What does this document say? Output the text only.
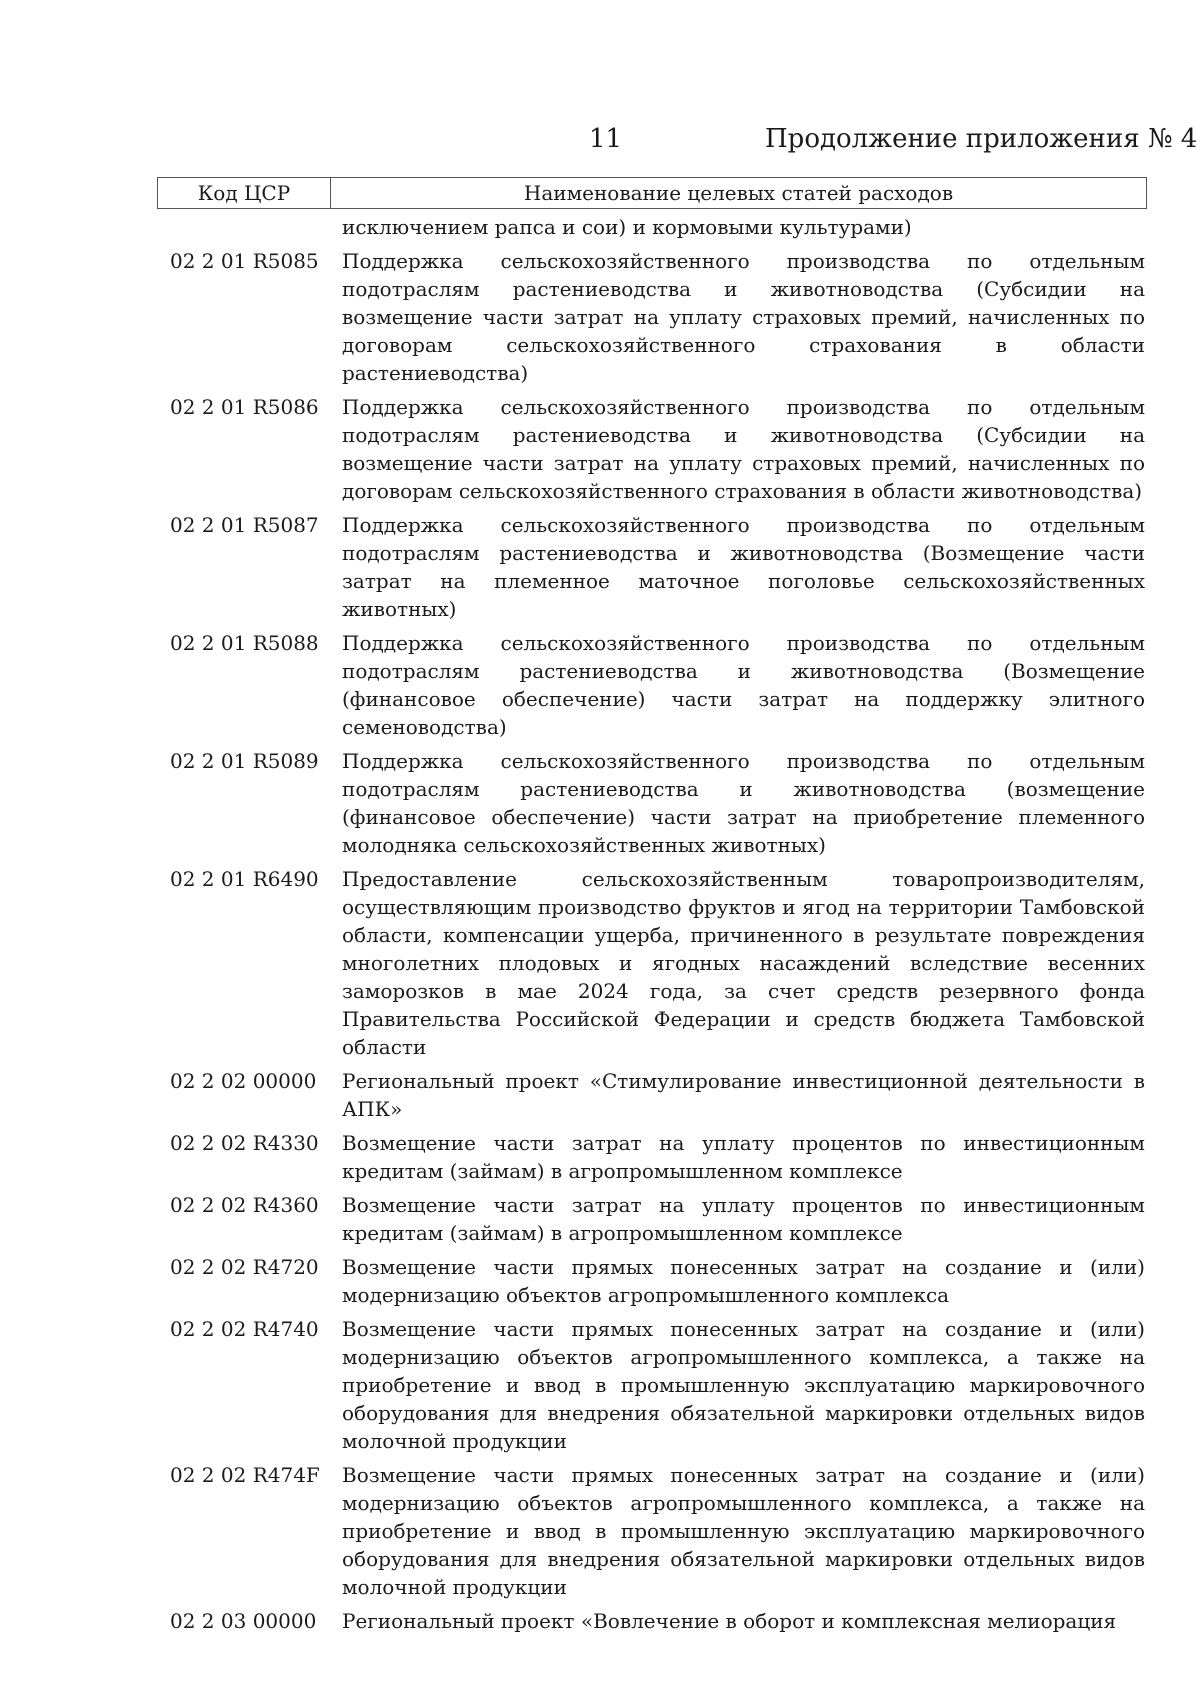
11	Продолжение приложения № 4
Код ЦСР	Наименование целевых статей расходов
исключением рапса и сои) и кормовыми культурами)
02 2 01 R5085	Поддержка сельскохозяйственного производства по отдельным подотраслям растениеводства и животноводства (Субсидии на возмещение части затрат на уплату страховых премий, начисленных по договорам сельскохозяйственного страхования в области растениеводства)
02 2 01 R5086	Поддержка сельскохозяйственного производства по отдельным подотраслям растениеводства и животноводства (Субсидии на возмещение части затрат на уплату страховых премий, начисленных по договорам сельскохозяйственного страхования в области животноводства)
02 2 01 R5087	Поддержка сельскохозяйственного производства по отдельным подотраслям растениеводства и животноводства (Возмещение части затрат на племенное маточное поголовье сельскохозяйственных животных)
02 2 01 R5088	Поддержка сельскохозяйственного производства по отдельным подотраслям растениеводства и животноводства (Возмещение (финансовое обеспечение) части затрат на поддержку элитного семеноводства)
02 2 01 R5089	Поддержка сельскохозяйственного производства по отдельным подотраслям растениеводства и животноводства (возмещение (финансовое обеспечение) части затрат на приобретение племенного молодняка сельскохозяйственных животных)
02 2 01 R6490	Предоставление сельскохозяйственным товаропроизводителям, осуществляющим производство фруктов и ягод на территории Тамбовской области, компенсации ущерба, причиненного в результате повреждения многолетних плодовых и ягодных насаждений вследствие весенних заморозков в мае 2024 года, за счет средств резервного фонда Правительства Российской Федерации и средств бюджета Тамбовской области
02 2 02 00000	Региональный проект «Стимулирование инвестиционной деятельности в АПК»
02 2 02 R4330	Возмещение части затрат на уплату процентов по инвестиционным кредитам (займам) в агропромышленном комплексе
02 2 02 R4360	Возмещение части затрат на уплату процентов по инвестиционным кредитам (займам) в агропромышленном комплексе
02 2 02 R4720	Возмещение части прямых понесенных затрат на создание и (или) модернизацию объектов агропромышленного комплекса
02 2 02 R4740	Возмещение части прямых понесенных затрат на создание и (или) модернизацию объектов агропромышленного комплекса, а также на приобретение и ввод в промышленную эксплуатацию маркировочного оборудования для внедрения обязательной маркировки отдельных видов молочной продукции
02 2 02 R474F	Возмещение части прямых понесенных затрат на создание и (или) модернизацию объектов агропромышленного комплекса, а также на приобретение и ввод в промышленную эксплуатацию маркировочного оборудования для внедрения обязательной маркировки отдельных видов молочной продукции
02 2 03 00000	Региональный проект «Вовлечение в оборот и комплексная мелиорация
